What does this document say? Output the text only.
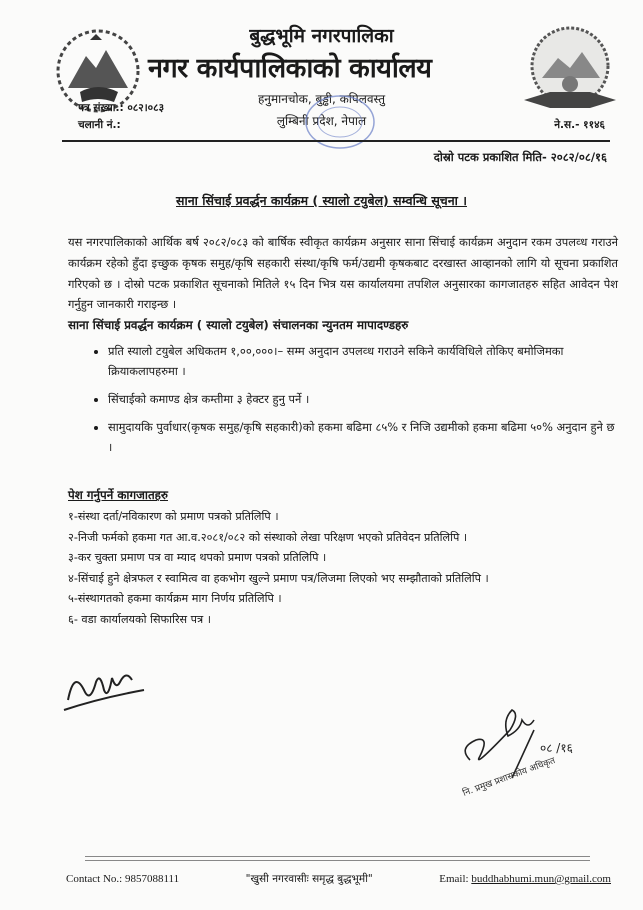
बुद्धभूमि नगरपालिका
नगर कार्यपालिकाको कार्यालय
हनुमानचोक, बुड्ढी, कपिलवस्तु
लुम्बिनी प्रदेश, नेपाल
पत्र संख्या.: ०८२।०८३
चलानी नं.:	ने.स.- ११४६
दोस्रो पटक प्रकाशित मिति- २०८२/०८/१६
साना सिंचाई प्रवर्द्धन कार्यक्रम ( स्यालो टयुबेल) सम्वन्धि सूचना ।

यस नगरपालिकाको आर्थिक बर्ष २०८२/०८३ को बार्षिक स्वीकृत कार्यक्रम अनुसार साना सिंचाई कार्यक्रम अनुदान रकम उपलव्ध गराउने कार्यक्रम रहेको हुँदा इच्छुक कृषक समुह/कृषि सहकारी संस्था/कृषि फर्म/उद्यमी कृषकबाट दरखास्त आव्हानको लागि यो सूचना प्रकाशित गरिएको छ । दोस्रो पटक प्रकाशित सूचनाको मितिले १५ दिन भित्र यस कार्यालयमा तपशिल अनुसारका कागजातहरु सहित आवेदन पेश गर्नुहुन जानकारी गराइन्छ ।

साना सिंचाई प्रवर्द्धन कार्यक्रम ( स्यालो टयुबेल) संचालनका न्युनतम मापादण्डहरु
• प्रति स्यालो टयुबेल अधिकतम १,००,०००।– सम्म अनुदान उपलव्ध गराउने सकिने कार्यविधिले तोकिए बमोजिमका क्रियाकलापहरुमा ।
• सिंचाईको कमाण्ड क्षेत्र कम्तीमा ३ हेक्टर हुनु पर्ने ।
• सामुदायकि पुर्वाधार(कृषक समुह/कृषि सहकारी)को हकमा बढिमा ८५% र निजि उद्यमीको हकमा बढिमा ५०% अनुदान हुने छ ।
पेश गर्नुपर्ने कागजातहरु
१-संस्था दर्ता/नविकारण को प्रमाण पत्रको प्रतिलिपि ।
२-निजी फर्मको हकमा गत आ.व.२०८१/०८२ को संस्थाको लेखा परिक्षण भएको प्रतिवेदन प्रतिलिपि ।
३-कर चुक्ता प्रमाण पत्र वा म्याद थपको प्रमाण पत्रको प्रतिलिपि ।
४-सिंचाई हुने क्षेत्रफल र स्वामित्व वा हकभोग खुल्ने प्रमाण पत्र/लिजमा लिएको भए सम्झौताको प्रतिलिपि ।
५-संस्थागतको हकमा कार्यक्रम माग निर्णय प्रतिलिपि ।
६- वडा कार्यालयको सिफारिस पत्र ।
०८ /१६
नि. प्रमुख प्रशासकीय अधिकृत
Contact No.: 9857088111	"खुसी नगरवासीः समृद्ध बुद्धभूमी"	Email: buddhabhumi.mun@gmail.com
